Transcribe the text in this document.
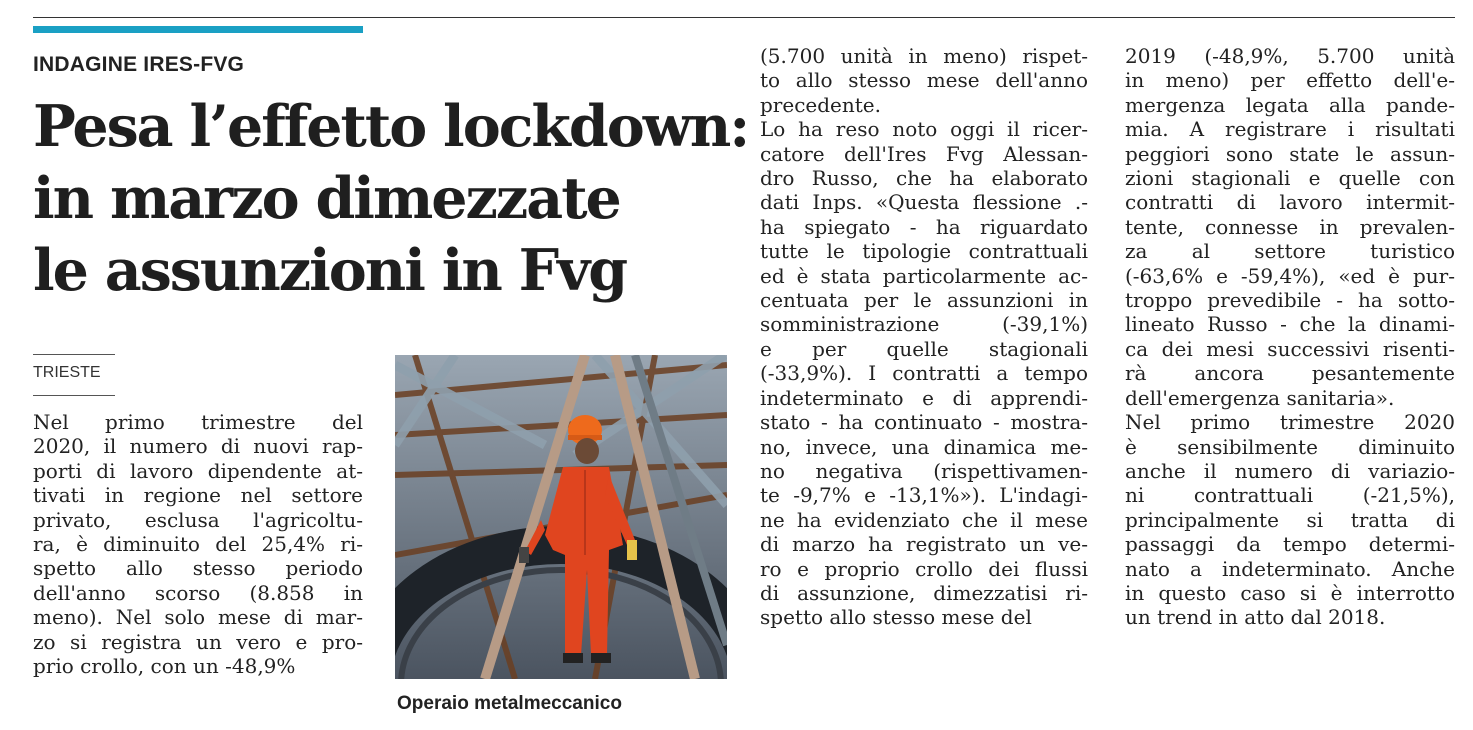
INDAGINE IRES-FVG
Pesa l’effetto lockdown:
in marzo dimezzate
le assunzioni in Fvg
TRIESTE
Nel primo trimestre del
2020, il numero di nuovi rap-
porti di lavoro dipendente at-
tivati in regione nel settore
privato, esclusa l'agricoltu-
ra, è diminuito del 25,4% ri-
spetto allo stesso periodo
dell'anno scorso (8.858 in
meno). Nel solo mese di mar-
zo si registra un vero e pro-
prio crollo, con un -48,9%
(5.700 unità in meno) rispet-
to allo stesso mese dell'anno
precedente.
Lo ha reso noto oggi il ricer-
catore dell'Ires Fvg Alessan-
dro Russo, che ha elaborato
dati Inps. «Questa flessione .-
ha spiegato - ha riguardato
tutte le tipologie contrattuali
ed è stata particolarmente ac-
centuata per le assunzioni in
somministrazione (-39,1%)
e per quelle stagionali
(-33,9%). I contratti a tempo
indeterminato e di apprendi-
stato - ha continuato - mostra-
no, invece, una dinamica me-
no negativa (rispettivamen-
te -9,7% e -13,1%»). L'indagi-
ne ha evidenziato che il mese
di marzo ha registrato un ve-
ro e proprio crollo dei flussi
di assunzione, dimezzatisi ri-
spetto allo stesso mese del
2019 (-48,9%, 5.700 unità
in meno) per effetto dell'e-
mergenza legata alla pande-
mia. A registrare i risultati
peggiori sono state le assun-
zioni stagionali e quelle con
contratti di lavoro intermit-
tente, connesse in prevalen-
za al settore turistico
(-63,6% e -59,4%), «ed è pur-
troppo prevedibile - ha sotto-
lineato Russo - che la dinami-
ca dei mesi successivi risenti-
rà ancora pesantemente
dell'emergenza sanitaria».
Nel primo trimestre 2020
è sensibilmente diminuito
anche il numero di variazio-
ni contrattuali (-21,5%),
principalmente si tratta di
passaggi da tempo determi-
nato a indeterminato. Anche
in questo caso si è interrotto
un trend in atto dal 2018.
Operaio metalmeccanico
